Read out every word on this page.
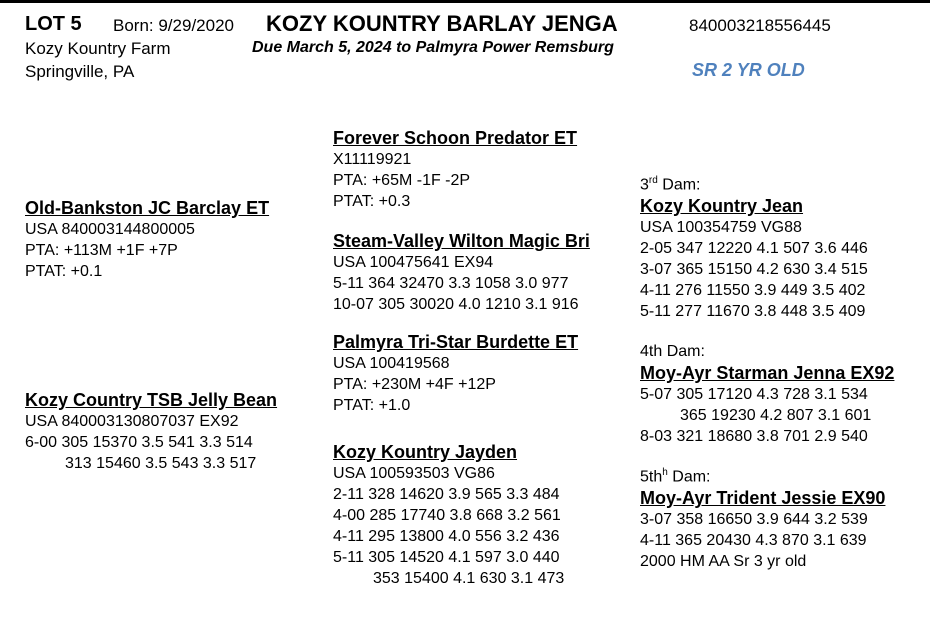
LOT 5 Born: 9/29/2020 KOZY KOUNTRY BARLAY JENGA	840003218556445
Kozy Kountry Farm	Due March 5, 2024 to Palmyra Power Remsburg
Springville, PA	SR 2 YR OLD
Old-Bankston JC Barclay ET
USA 840003144800005
PTA: +113M +1F +7P
PTAT: +0.1
Kozy Country TSB Jelly Bean
USA 840003130807037 EX92
6-00 305 15370 3.5 541 3.3 514
313 15460 3.5 543 3.3 517
Forever Schoon Predator ET
X11119921
PTA: +65M -1F -2P
PTAT: +0.3
Steam-Valley Wilton Magic Bri
USA 100475641 EX94
5-11 364 32470 3.3 1058 3.0 977
10-07 305 30020 4.0 1210 3.1 916
Palmyra Tri-Star Burdette ET
USA 100419568
PTA: +230M +4F +12P
PTAT: +1.0
Kozy Kountry Jayden
USA 100593503 VG86
2-11 328 14620 3.9 565 3.3 484
4-00 285 17740 3.8 668 3.2 561
4-11 295 13800 4.0 556 3.2 436
5-11 305 14520 4.1 597 3.0 440
353 15400 4.1 630 3.1 473
3rd Dam:
Kozy Kountry Jean
USA 100354759 VG88
2-05 347 12220 4.1 507 3.6 446
3-07 365 15150 4.2 630 3.4 515
4-11 276 11550 3.9 449 3.5 402
5-11 277 11670 3.8 448 3.5 409
4th Dam:
Moy-Ayr Starman Jenna EX92
5-07 305 17120 4.3 728 3.1 534
365 19230 4.2 807 3.1 601
8-03 321 18680 3.8 701 2.9 540
$5th^h$ Dam:
Moy-Ayr Trident Jessie EX90
3-07 358 16650 3.9 644 3.2 539
4-11 365 20430 4.3 870 3.1 639
2000 HM AA Sr 3 yr old
